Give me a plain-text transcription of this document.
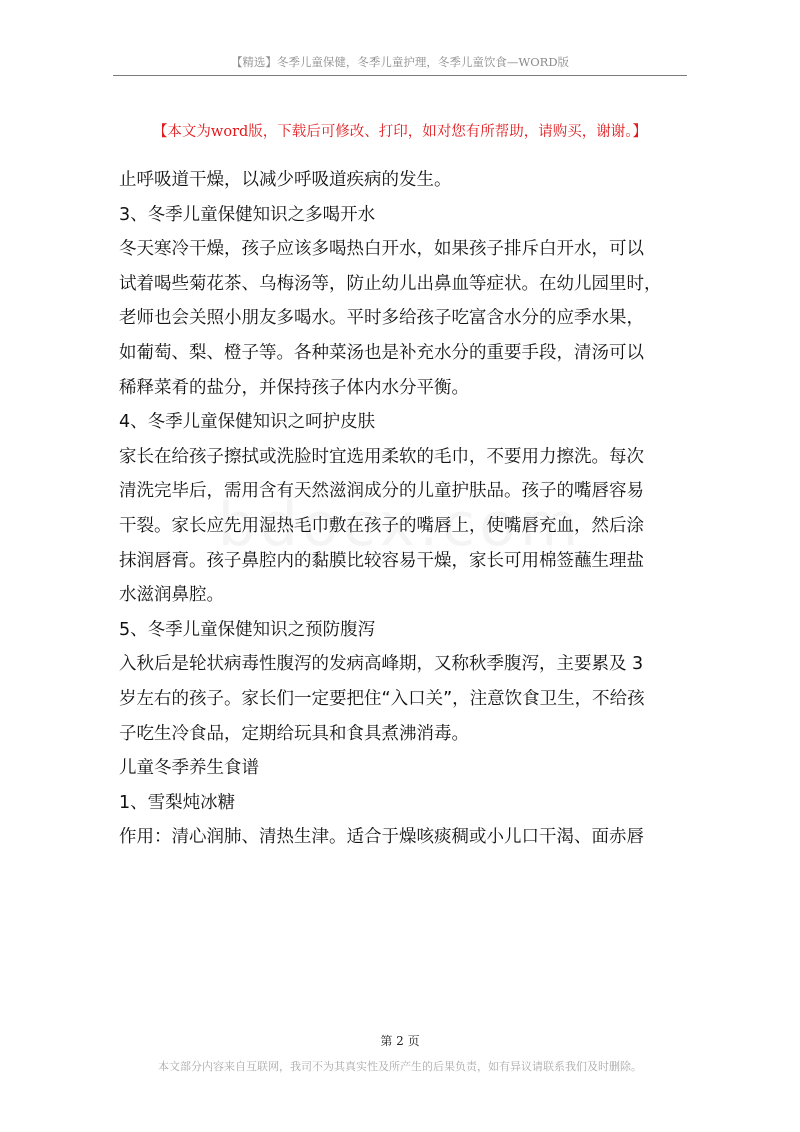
【精选】冬季儿童保健，冬季儿童护理，冬季儿童饮食—WORD版
【本文为word版，下载后可修改、打印，如对您有所帮助，请购买，谢谢。】
止呼吸道干燥，以减少呼吸道疾病的发生。
3、冬季儿童保健知识之多喝开水
冬天寒冷干燥，孩子应该多喝热白开水，如果孩子排斥白开水，可以
试着喝些菊花茶、乌梅汤等，防止幼儿出鼻血等症状。在幼儿园里时，
老师也会关照小朋友多喝水。平时多给孩子吃富含水分的应季水果，
如葡萄、梨、橙子等。各种菜汤也是补充水分的重要手段，清汤可以
稀释菜肴的盐分，并保持孩子体内水分平衡。
4、冬季儿童保健知识之呵护皮肤
家长在给孩子擦拭或洗脸时宜选用柔软的毛巾，不要用力擦洗。每次
清洗完毕后，需用含有天然滋润成分的儿童护肤品。孩子的嘴唇容易
干裂。家长应先用湿热毛巾敷在孩子的嘴唇上，使嘴唇充血，然后涂
抹润唇膏。孩子鼻腔内的黏膜比较容易干燥，家长可用棉签蘸生理盐
水滋润鼻腔。
5、冬季儿童保健知识之预防腹泻
入秋后是轮状病毒性腹泻的发病高峰期，又称秋季腹泻，主要累及 3
岁左右的孩子。家长们一定要把住“入口关”，注意饮食卫生，不给孩
子吃生冷食品，定期给玩具和食具煮沸消毒。
儿童冬季养生食谱
1、雪梨炖冰糖
作用：清心润肺、清热生津。适合于燥咳痰稠或小儿口干渴、面赤唇
第 2 页
本文部分内容来自互联网，我司不为其真实性及所产生的后果负责，如有异议请联系我们及时删除。
